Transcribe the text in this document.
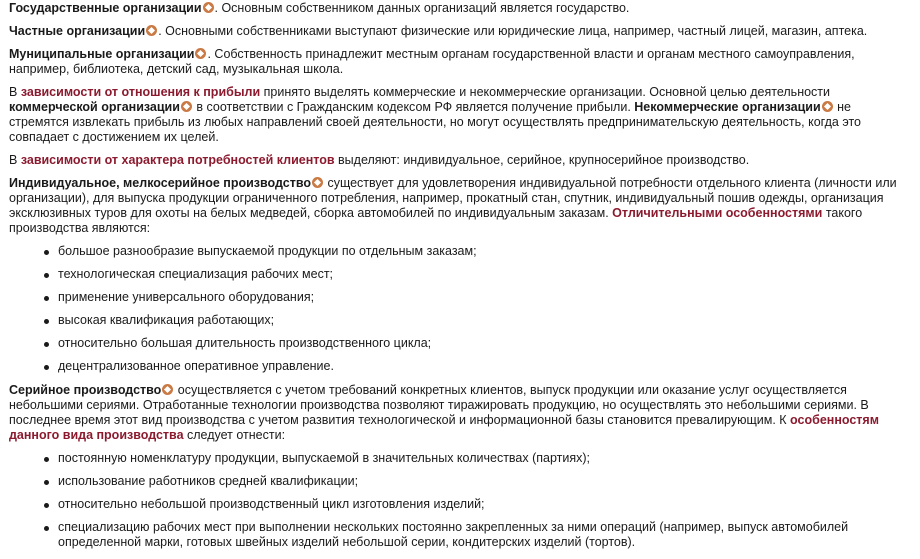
Государственные организации . Основным собственником данных организаций является государство.

Частные организации . Основными собственниками выступают физические или юридические лица, например, частный лицей, магазин, аптека.

Муниципальные организации . Собственность принадлежит местным органам государственной власти и органам местного самоуправления, например, библиотека, детский сад, музыкальная школа.

В зависимости от отношения к прибыли принято выделять коммерческие и некоммерческие организации. Основной целью деятельности коммерческой организации в соответствии с Гражданским кодексом РФ является получение прибыли. Некоммерческие организации не стремятся извлекать прибыль из любых направлений своей деятельности, но могут осуществлять предпринимательскую деятельность, когда это совпадает с достижением их целей.

В зависимости от характера потребностей клиентов выделяют: индивидуальное, серийное, крупносерийное производство.

Индивидуальное, мелкосерийное производство существует для удовлетворения индивидуальной потребности отдельного клиента (личности или организации), для выпуска продукции ограниченного потребления, например, прокатный стан, спутник, индивидуальный пошив одежды, организация эксклюзивных туров для охоты на белых медведей, сборка автомобилей по индивидуальным заказам. Отличительными особенностями такого производства являются:

большое разнообразие выпускаемой продукции по отдельным заказам;
технологическая специализация рабочих мест;
применение универсального оборудования;
высокая квалификация работающих;
относительно большая длительность производственного цикла;
децентрализованное оперативное управление.

Серийное производство осуществляется с учетом требований конкретных клиентов, выпуск продукции или оказание услуг осуществляется небольшими сериями. Отработанные технологии производства позволяют тиражировать продукцию, но осуществлять это небольшими сериями. В последнее время этот вид производства с учетом развития технологической и информационной базы становится превалирующим. К особенностям данного вида производства следует отнести:

постоянную номенклатуру продукции, выпускаемой в значительных количествах (партиях);
использование работников средней квалификации;
относительно небольшой производственный цикл изготовления изделий;
специализацию рабочих мест при выполнении нескольких постоянно закрепленных за ними операций (например, выпуск автомобилей определенной марки, готовых швейных изделий небольшой серии, кондитерских изделий (тортов).
